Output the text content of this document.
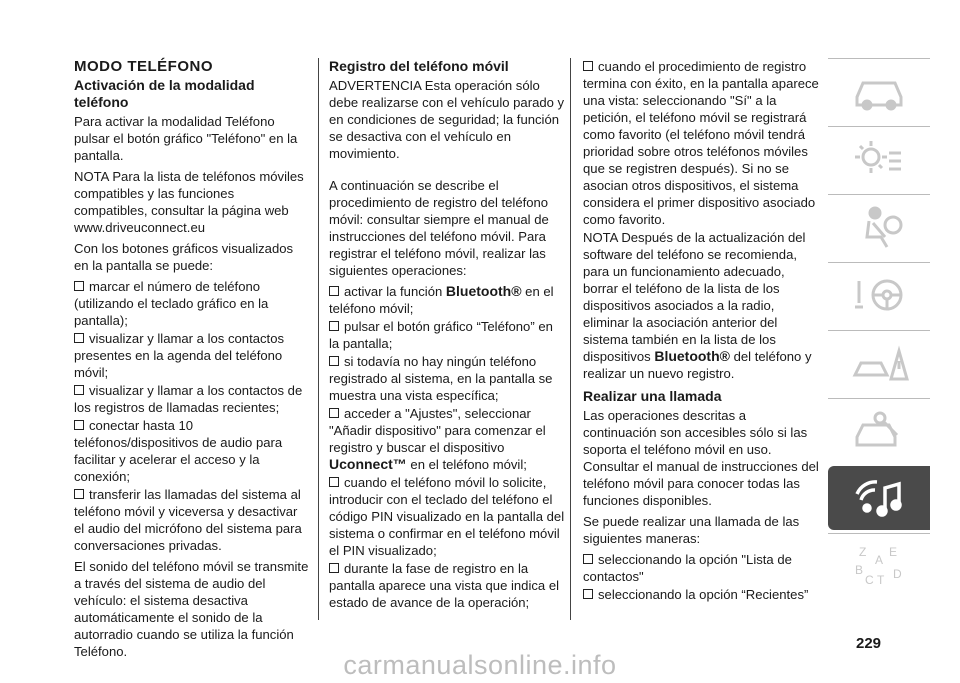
MODO TELÉFONO
Activación de la modalidad teléfono

Para activar la modalidad Teléfono pulsar el botón gráfico "Teléfono" en la pantalla.

NOTA Para la lista de teléfonos móviles compatibles y las funciones compatibles, consultar la página web www.driveuconnect.eu

Con los botones gráficos visualizados en la pantalla se puede:

marcar el número de teléfono (utilizando el teclado gráfico en la pantalla);
visualizar y llamar a los contactos presentes en la agenda del teléfono móvil;
visualizar y llamar a los contactos de los registros de llamadas recientes;
conectar hasta 10 teléfonos/dispositivos de audio para facilitar y acelerar el acceso y la conexión;
transferir las llamadas del sistema al teléfono móvil y viceversa y desactivar el audio del micrófono del sistema para conversaciones privadas.

El sonido del teléfono móvil se transmite a través del sistema de audio del vehículo: el sistema desactiva automáticamente el sonido de la autorradio cuando se utiliza la función Teléfono.

Registro del teléfono móvil

ADVERTENCIA Esta operación sólo debe realizarse con el vehículo parado y en condiciones de seguridad; la función se desactiva con el vehículo en movimiento.

A continuación se describe el procedimiento de registro del teléfono móvil: consultar siempre el manual de instrucciones del teléfono móvil. Para registrar el teléfono móvil, realizar las siguientes operaciones:

activar la función Bluetooth® en el teléfono móvil;
pulsar el botón gráfico “Teléfono” en la pantalla;
si todavía no hay ningún teléfono registrado al sistema, en la pantalla se muestra una vista específica;
acceder a "Ajustes", seleccionar "Añadir dispositivo" para comenzar el registro y buscar el dispositivo Uconnect™ en el teléfono móvil;
cuando el teléfono móvil lo solicite, introducir con el teclado del teléfono el código PIN visualizado en la pantalla del sistema o confirmar en el teléfono móvil el PIN visualizado;
durante la fase de registro en la pantalla aparece una vista que indica el estado de avance de la operación;
cuando el procedimiento de registro termina con éxito, en la pantalla aparece una vista: seleccionando "Sí" a la petición, el teléfono móvil se registrará como favorito (el teléfono móvil tendrá prioridad sobre otros teléfonos móviles que se registren después). Si no se asocian otros dispositivos, el sistema considera el primer dispositivo asociado como favorito.

NOTA Después de la actualización del software del teléfono se recomienda, para un funcionamiento adecuado, borrar el teléfono de la lista de los dispositivos asociados a la radio, eliminar la asociación anterior del sistema también en la lista de los dispositivos Bluetooth® del teléfono y realizar un nuevo registro.

Realizar una llamada

Las operaciones descritas a continuación son accesibles sólo si las soporta el teléfono móvil en uso. Consultar el manual de instrucciones del teléfono móvil para conocer todas las funciones disponibles.

Se puede realizar una llamada de las siguientes maneras:

seleccionando la opción "Lista de contactos"
seleccionando la opción “Recientes”
Z E
A
B
C T D
229
carmanualsonline.info
